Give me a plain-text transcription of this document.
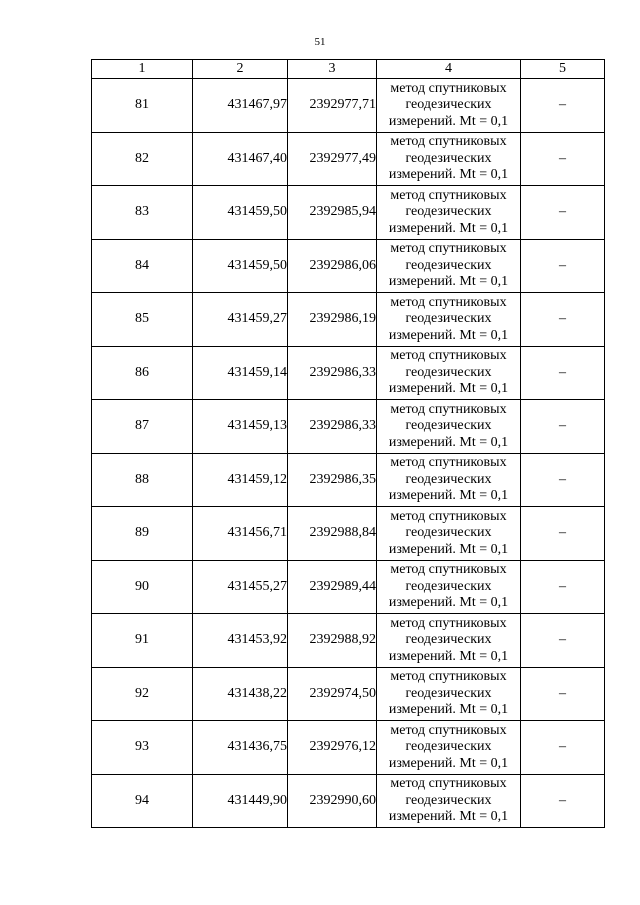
51
1	2	3	4	5
81	431467,97	2392977,71	метод спутниковых
геодезических
измерений. Mt = 0,1	–
82	431467,40	2392977,49	метод спутниковых
геодезических
измерений. Mt = 0,1	–
83	431459,50	2392985,94	метод спутниковых
геодезических
измерений. Mt = 0,1	–
84	431459,50	2392986,06	метод спутниковых
геодезических
измерений. Mt = 0,1	–
85	431459,27	2392986,19	метод спутниковых
геодезических
измерений. Mt = 0,1	–
86	431459,14	2392986,33	метод спутниковых
геодезических
измерений. Mt = 0,1	–
87	431459,13	2392986,33	метод спутниковых
геодезических
измерений. Mt = 0,1	–
88	431459,12	2392986,35	метод спутниковых
геодезических
измерений. Mt = 0,1	–
89	431456,71	2392988,84	метод спутниковых
геодезических
измерений. Mt = 0,1	–
90	431455,27	2392989,44	метод спутниковых
геодезических
измерений. Mt = 0,1	–
91	431453,92	2392988,92	метод спутниковых
геодезических
измерений. Mt = 0,1	–
92	431438,22	2392974,50	метод спутниковых
геодезических
измерений. Mt = 0,1	–
93	431436,75	2392976,12	метод спутниковых
геодезических
измерений. Mt = 0,1	–
94	431449,90	2392990,60	метод спутниковых
геодезических
измерений. Mt = 0,1	–
